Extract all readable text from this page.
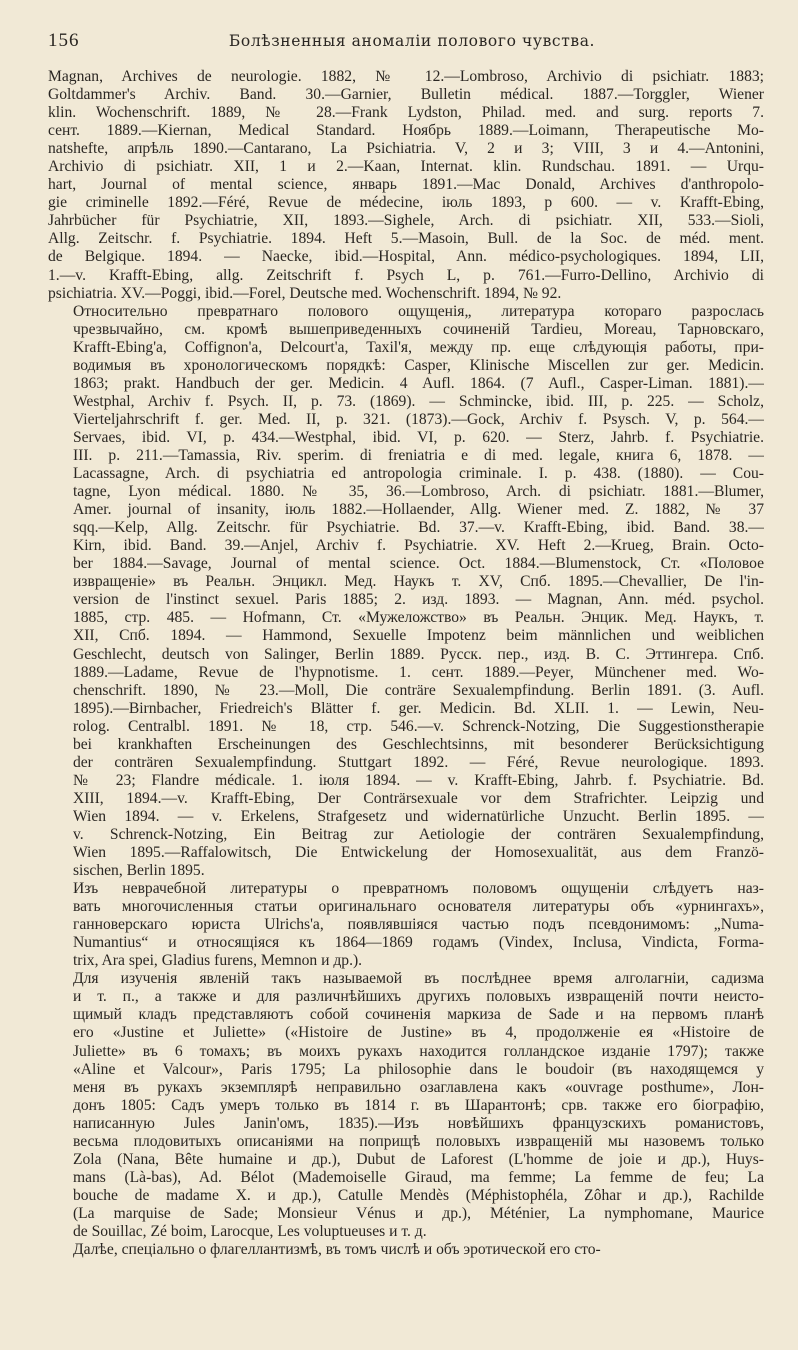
156	Болѣзненныя аномаліи полового чувства.

Magnan, Archives de neurologie. 1882, № 12.—Lombroso, Archivio di psichiatr. 1883;
Goltdammer's Archiv. Band. 30.—Garnier, Bulletin médical. 1887.—Torggler, Wiener
klin. Wochenschrift. 1889, № 28.—Frank Lydston, Philad. med. and surg. reports 7.
сент. 1889.—Kiernan, Medical Standard. Ноябрь 1889.—Loimann, Therapeutische Mo-
natshefte, апрѣль 1890.—Cantarano, La Psichiatria. V, 2 и 3; VIII, 3 и 4.—Antonini,
Archivio di psichiatr. XII, 1 и 2.—Kaan, Internat. klin. Rundschau. 1891. — Urqu-
hart, Journal of mental science, январь 1891.—Mac Donald, Archives d'anthropolo-
gie criminelle 1892.—Féré, Revue de médecine, іюль 1893, p 600. — v. Krafft-Ebing,
Jahrbücher für Psychiatrie, XII, 1893.—Sighele, Arch. di psichiatr. XII, 533.—Sioli,
Allg. Zeitschr. f. Psychiatrie. 1894. Heft 5.—Masoin, Bull. de la Soc. de méd. ment.
de Belgique. 1894. — Naecke, ibid.—Hospital, Ann. médico-psychologiques. 1894, LII,
1.—v. Krafft-Ebing, allg. Zeitschrift f. Psych L, p. 761.—Furro-Dellino, Archivio di
psichiatria. XV.—Poggi, ibid.—Forel, Deutsche med. Wochenschrift. 1894, № 92.

Относительно превратнаго полового ощущенія„ литература котораго разрослась
чрезвычайно, см. кромѣ вышеприведенныхъ сочиненій Tardieu, Moreau, Тарновскаго,
Krafft-Ebing'а, Coffignon'а, Delcourt'а, Taxil'я, между пр. еще слѣдующія работы, при-
водимыя въ хронологическомъ порядкѣ: Casper, Klinische Miscellen zur ger. Medicin.
1863; prakt. Handbuch der ger. Medicin. 4 Aufl. 1864. (7 Aufl., Casper-Liman. 1881).—
Westphal, Archiv f. Psych. II, p. 73. (1869). — Schmincke, ibid. III, p. 225. — Scholz,
Vierteljahrschrift f. ger. Med. II, p. 321. (1873).—Gock, Archiv f. Psysch. V, p. 564.—
Servaes, ibid. VI, p. 434.—Westphal, ibid. VI, p. 620. — Sterz, Jahrb. f. Psychiatrie.
III. p. 211.—Tamassia, Riv. sperim. di freniatria e di med. legale, книга 6, 1878. —
Lacassagne, Arch. di psychiatria ed antropologia criminale. I. p. 438. (1880). — Cou-
tagne, Lyon médical. 1880. № 35, 36.—Lombroso, Arch. di psichiatr. 1881.—Blumer,
Amer. journal of insanity, іюль 1882.—Hollaender, Allg. Wiener med. Z. 1882, № 37
sqq.—Kelp, Allg. Zeitschr. für Psychiatrie. Bd. 37.—v. Krafft-Ebing, ibid. Band. 38.—
Kirn, ibid. Band. 39.—Anjel, Archiv f. Psychiatrie. XV. Heft 2.—Krueg, Brain. Octo-
ber 1884.—Savage, Journal of mental science. Oct. 1884.—Blumenstock, Ст. «Половое
извращеніе» въ Реальн. Энцикл. Мед. Наукъ т. XV, Спб. 1895.—Chevallier, De l'in-
version de l'instinct sexuel. Paris 1885; 2. изд. 1893. — Magnan, Ann. méd. psychol.
1885, стр. 485. — Hofmann, Ст. «Мужеложство» въ Реальн. Энцик. Мед. Наукъ, т.
XII, Спб. 1894. — Hammond, Sexuelle Impotenz beim männlichen und weiblichen
Geschlecht, deutsch von Salinger, Berlin 1889. Русск. пер., изд. В. С. Эттингера. Спб.
1889.—Ladame, Revue de l'hypnotisme. 1. сент. 1889.—Peyer, Münchener med. Wo-
chenschrift. 1890, № 23.—Moll, Die conträre Sexualempfindung. Berlin 1891. (3. Aufl.
1895).—Birnbacher, Friedreich's Blätter f. ger. Medicin. Bd. XLII. 1. — Lewin, Neu-
rolog. Centralbl. 1891. № 18, стр. 546.—v. Schrenck-Notzing, Die Suggestionstherapie
bei krankhaften Erscheinungen des Geschlechtsinns, mit besonderer Berücksichtigung
der conträren Sexualempfindung. Stuttgart 1892. — Féré, Revue neurologique. 1893.
№ 23; Flandre médicale. 1. іюля 1894. — v. Krafft-Ebing, Jahrb. f. Psychiatrie. Bd.
XIII, 1894.—v. Krafft-Ebing, Der Conträrsexuale vor dem Strafrichter. Leipzig und
Wien 1894. — v. Erkelens, Strafgesetz und widernatürliche Unzucht. Berlin 1895. —
v. Schrenck-Notzing, Ein Beitrag zur Aetiologie der conträren Sexualempfindung,
Wien 1895.—Raffalowitsch, Die Entwickelung der Homosexualität, aus dem Franzö-
sischen, Berlin 1895.

Изъ неврачебной литературы о превратномъ половомъ ощущеніи слѣдуетъ наз-
вать многочисленныя статьи оригинальнаго основателя литературы объ «урнингахъ»,
ганноверскаго юриста Ulrichs'а, появлявшіяся частью подъ псевдонимомъ: „Numa-
Numantius“ и относящіяся къ 1864—1869 годамъ (Vindex, Inclusa, Vindicta, Forma-
trix, Ara spei, Gladius furens, Memnon и др.).

Для изученія явленій такъ называемой въ послѣднее время алголагніи, садизма
и т. п., а также и для различнѣйшихъ другихъ половыхъ извращеній почти неисто-
щимый кладъ представляютъ собой сочиненія маркиза de Sade и на первомъ планѣ
его «Justine et Juliette» («Histoire de Justine» въ 4, продолженіе ея «Histoire de
Juliette» въ 6 томахъ; въ моихъ рукахъ находится голландское изданіе 1797); также
«Aline et Valcour», Paris 1795; La philosophie dans le boudoir (въ находящемся у
меня въ рукахъ экземплярѣ неправильно озаглавлена какъ «ouvrage posthume», Лон-
донъ 1805: Садъ умеръ только въ 1814 г. въ Шарантонѣ; срв. также его біографію,
написанную Jules Janin'омъ, 1835).—Изъ новѣйшихъ французскихъ романистовъ,
весьма плодовитыхъ описаніями на поприщѣ половыхъ извращеній мы назовемъ только
Zola (Nana, Bête humaine и др.), Dubut de Laforest (L'homme de joie и др.), Huys-
mans (Là-bas), Ad. Bélot (Mademoiselle Giraud, ma femme; La femme de feu; La
bouche de madame X. и др.), Catulle Mendès (Méphistophéla, Zôhar и др.), Rachilde
(La marquise de Sade; Monsieur Vénus и др.), Méténier, La nymphomane, Maurice
de Souillac, Zé boim, Larocque, Les voluptueuses и т. д.

Далѣе, спеціально о флагеллантизмѣ, въ томъ числѣ и объ эротической его сто-
